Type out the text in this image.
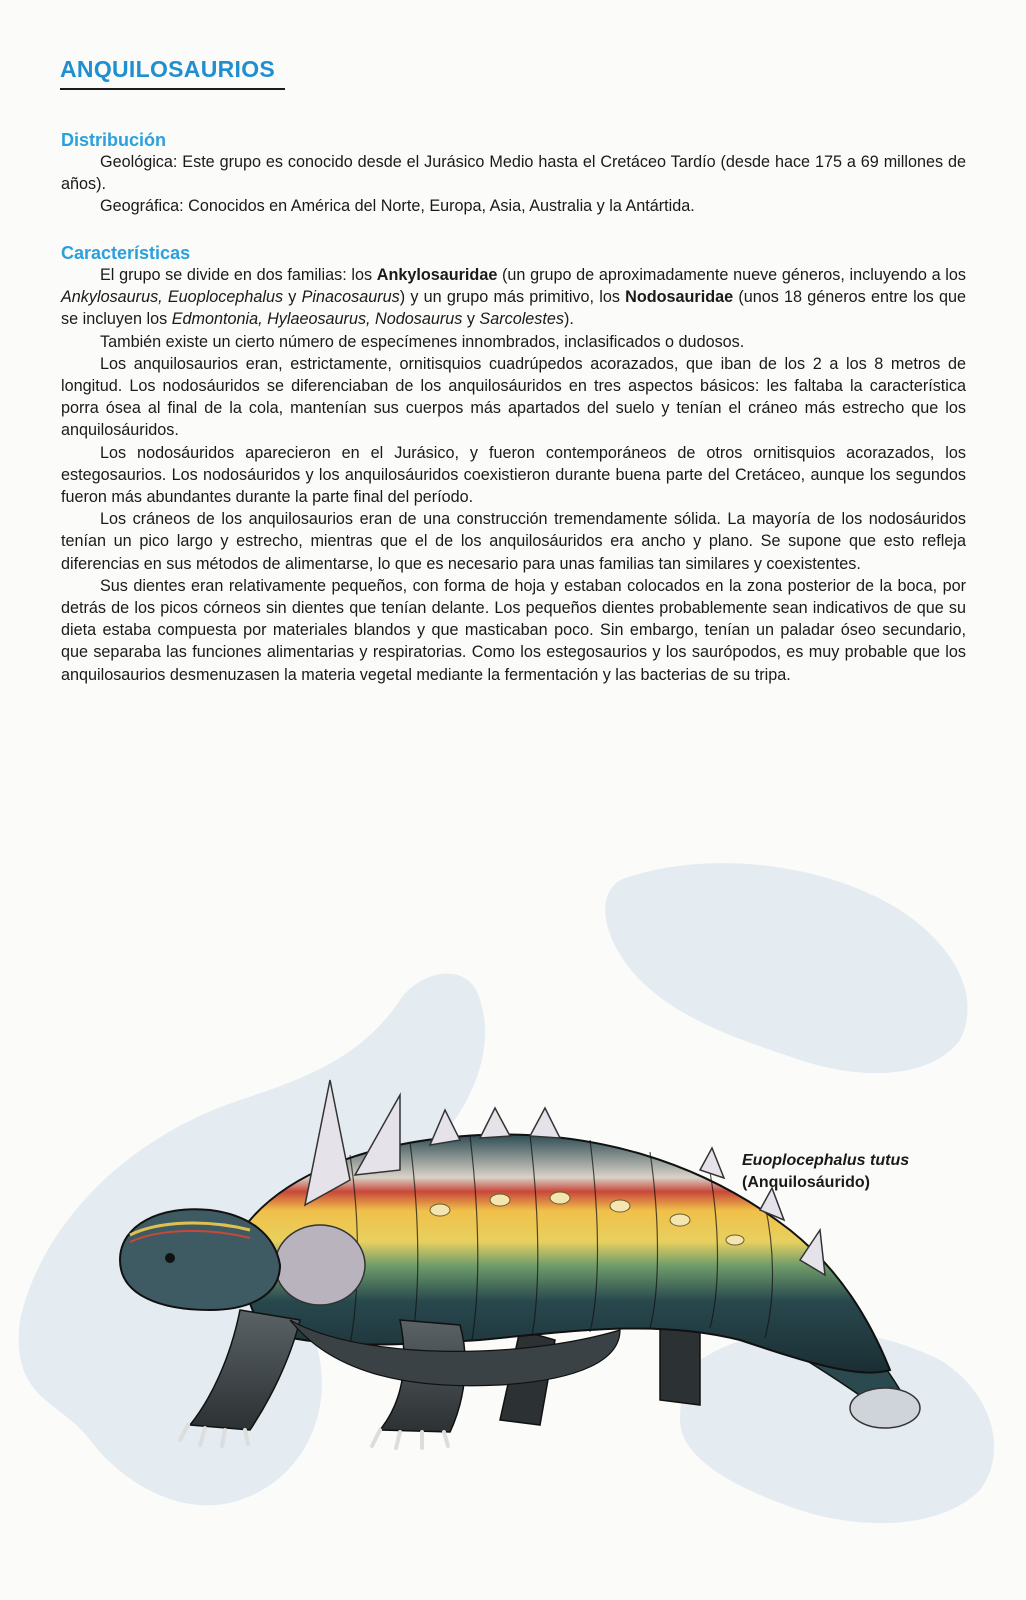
ANQUILOSAURIOS
Distribución

Geológica: Este grupo es conocido desde el Jurásico Medio hasta el Cretáceo Tardío (desde hace 175 a 69 millones de años).

Geográfica: Conocidos en América del Norte, Europa, Asia, Australia y la Antártida.

Características

El grupo se divide en dos familias: los Ankylosauridae (un grupo de aproximadamente nueve géneros, incluyendo a los Ankylosaurus, Euoplocephalus y Pinacosaurus) y un grupo más primitivo, los Nodosauridae (unos 18 géneros entre los que se incluyen los Edmontonia, Hylaeosaurus, Nodosaurus y Sarcolestes).

También existe un cierto número de especímenes innombrados, inclasificados o dudosos.

Los anquilosaurios eran, estrictamente, ornitisquios cuadrúpedos acorazados, que iban de los 2 a los 8 metros de longitud. Los nodosáuridos se diferenciaban de los anquilosáuridos en tres aspectos básicos: les faltaba la característica porra ósea al final de la cola, mantenían sus cuerpos más apartados del suelo y tenían el cráneo más estrecho que los anquilosáuridos.

Los nodosáuridos aparecieron en el Jurásico, y fueron contemporáneos de otros ornitisquios acorazados, los estegosaurios. Los nodosáuridos y los anquilosáuridos coexistieron durante buena parte del Cretáceo, aunque los segundos fueron más abundantes durante la parte final del período.

Los cráneos de los anquilosaurios eran de una construcción tremendamente sólida. La mayoría de los nodosáuridos tenían un pico largo y estrecho, mientras que el de los anquilosáuridos era ancho y plano. Se supone que esto refleja diferencias en sus métodos de alimentarse, lo que es necesario para unas familias tan similares y coexistentes.

Sus dientes eran relativamente pequeños, con forma de hoja y estaban colocados en la zona posterior de la boca, por detrás de los picos córneos sin dientes que tenían delante. Los pequeños dientes probablemente sean indicativos de que su dieta estaba compuesta por materiales blandos y que masticaban poco. Sin embargo, tenían un paladar óseo secundario, que separaba las funciones alimentarias y respiratorias. Como los estegosaurios y los saurópodos, es muy probable que los anquilosaurios desmenuzasen la materia vegetal mediante la fermentación y las bacterias de su tripa.

Euoplocephalus tutus
(Anquilosáurido)
